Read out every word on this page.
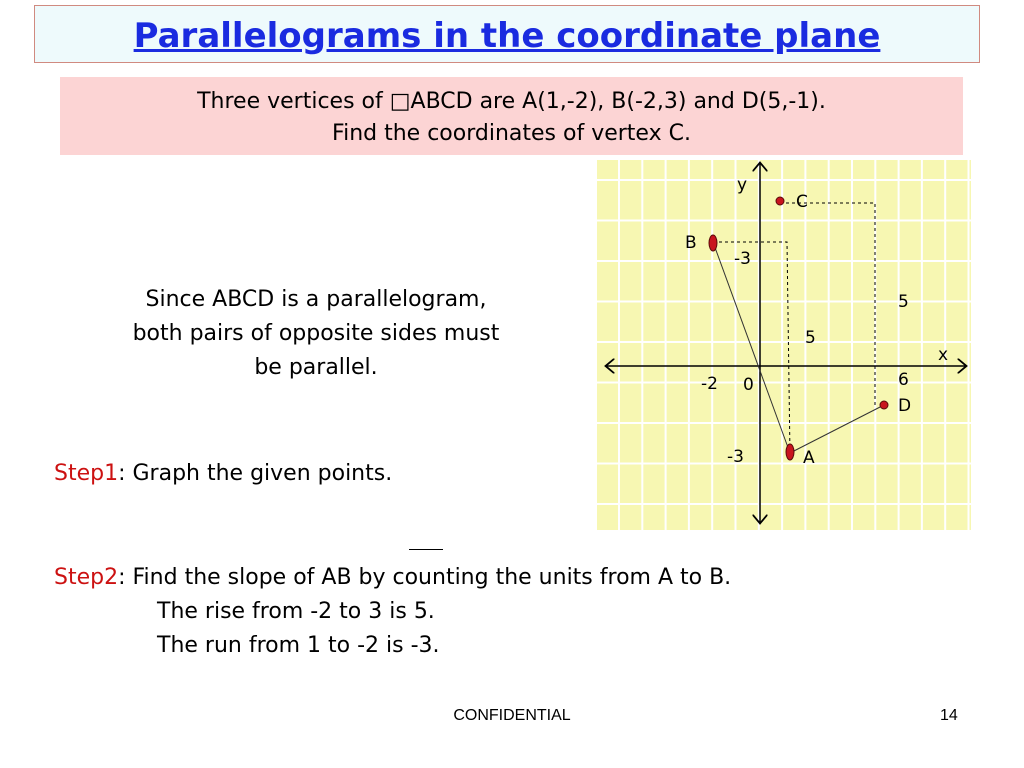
Parallelograms in the coordinate plane
Three vertices of □ABCD are A(1,-2), B(-2,3) and D(5,-1).
Find the coordinates of vertex C.
Since ABCD is a parallelogram,
both pairs of opposite sides must
be parallel.
Step1: Graph the given points.
Step2: Find the slope of AB by counting the units from A to B.
The rise from -2 to 3 is 5.
The run from 1 to -2 is -3.
y
x
0
C
B
A
D
-3
5
5
-2
-3
6
CONFIDENTIAL	14
